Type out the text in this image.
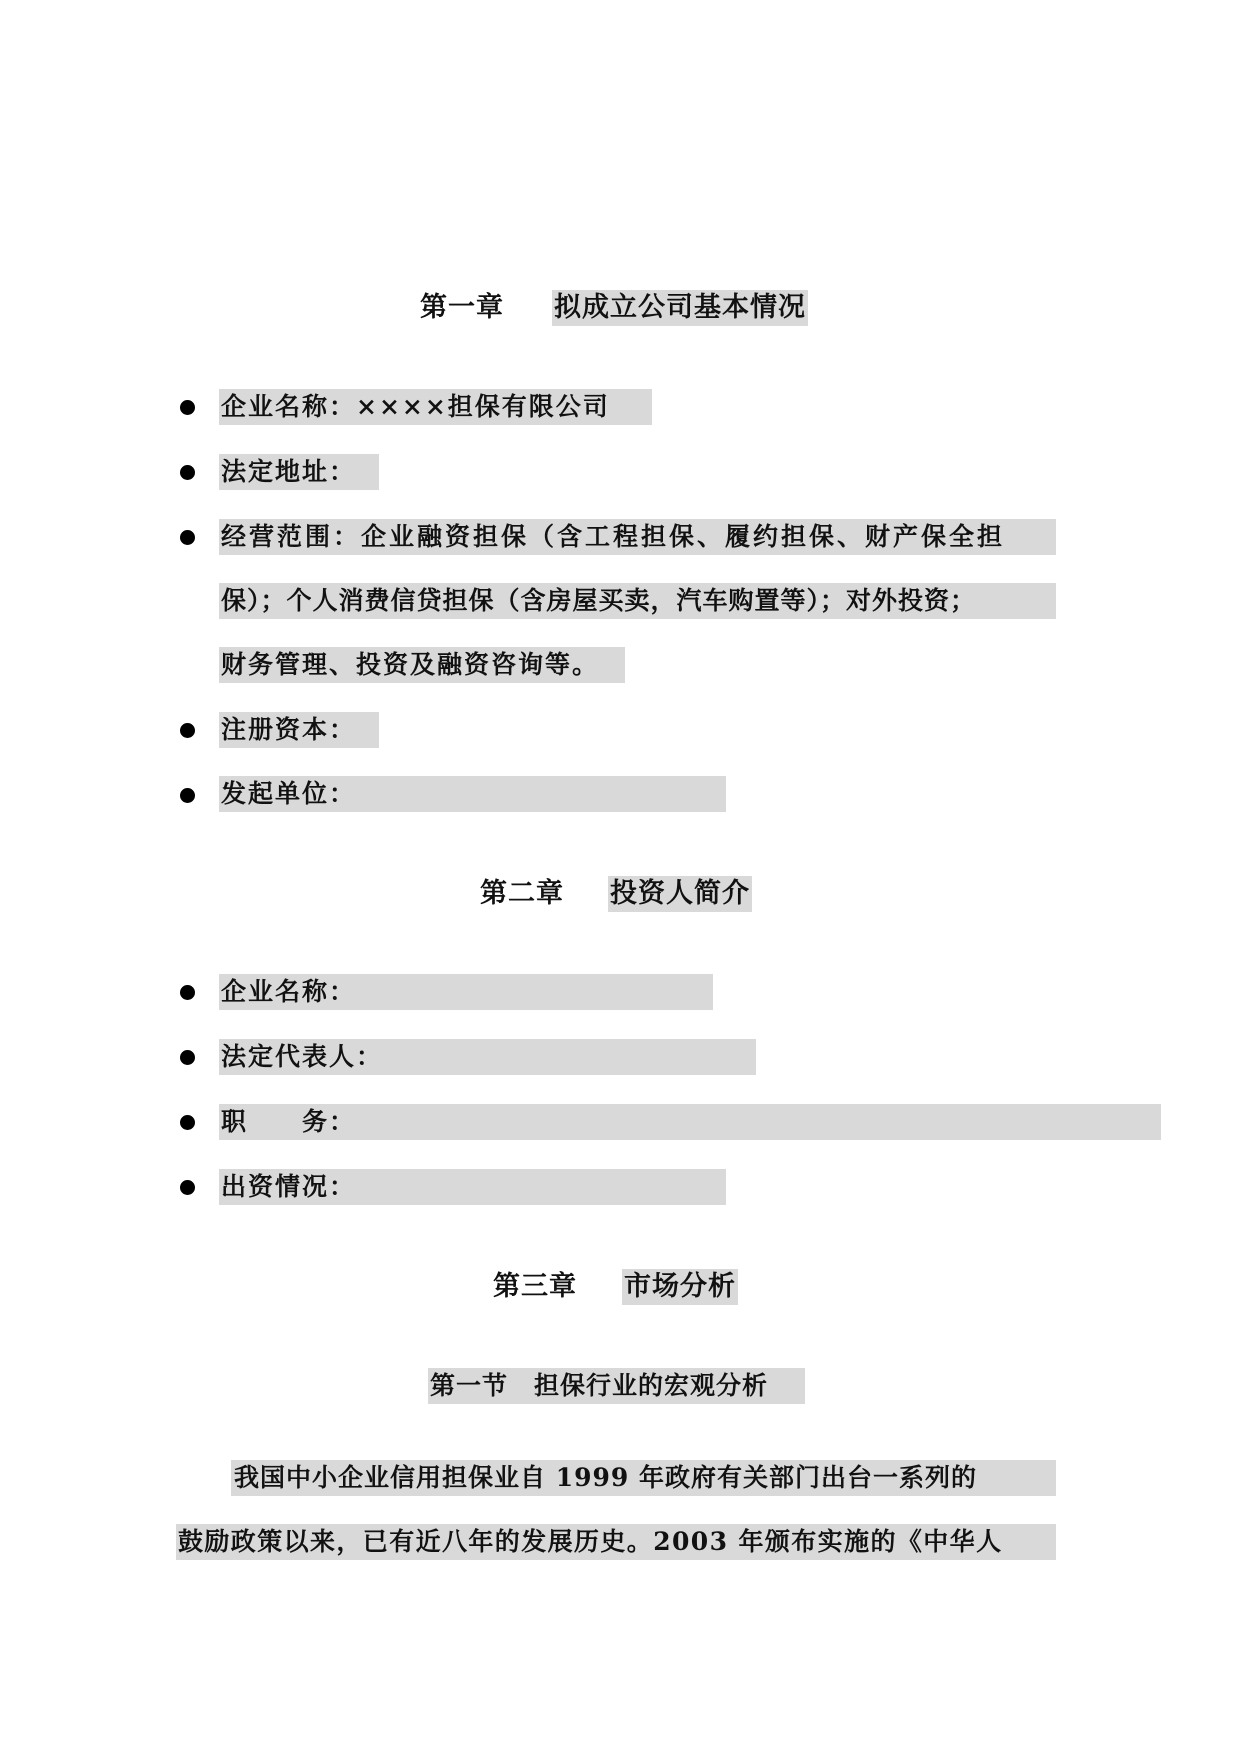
第一章 拟成立公司基本情况
企业名称：××××担保有限公司
法定地址：
经营范围：企业融资担保（含工程担保、履约担保、财产保全担
保）；个人消费信贷担保（含房屋买卖，汽车购置等）；对外投资；
财务管理、投资及融资咨询等。
注册资本：
发起单位：
第二章 投资人简介
企业名称：
法定代表人：
职　　务：
出资情况：
第三章 市场分析
第一节　担保行业的宏观分析
我国中小企业信用担保业自 1999 年政府有关部门出台一系列的
鼓励政策以来，已有近八年的发展历史。2003 年颁布实施的《中华人
